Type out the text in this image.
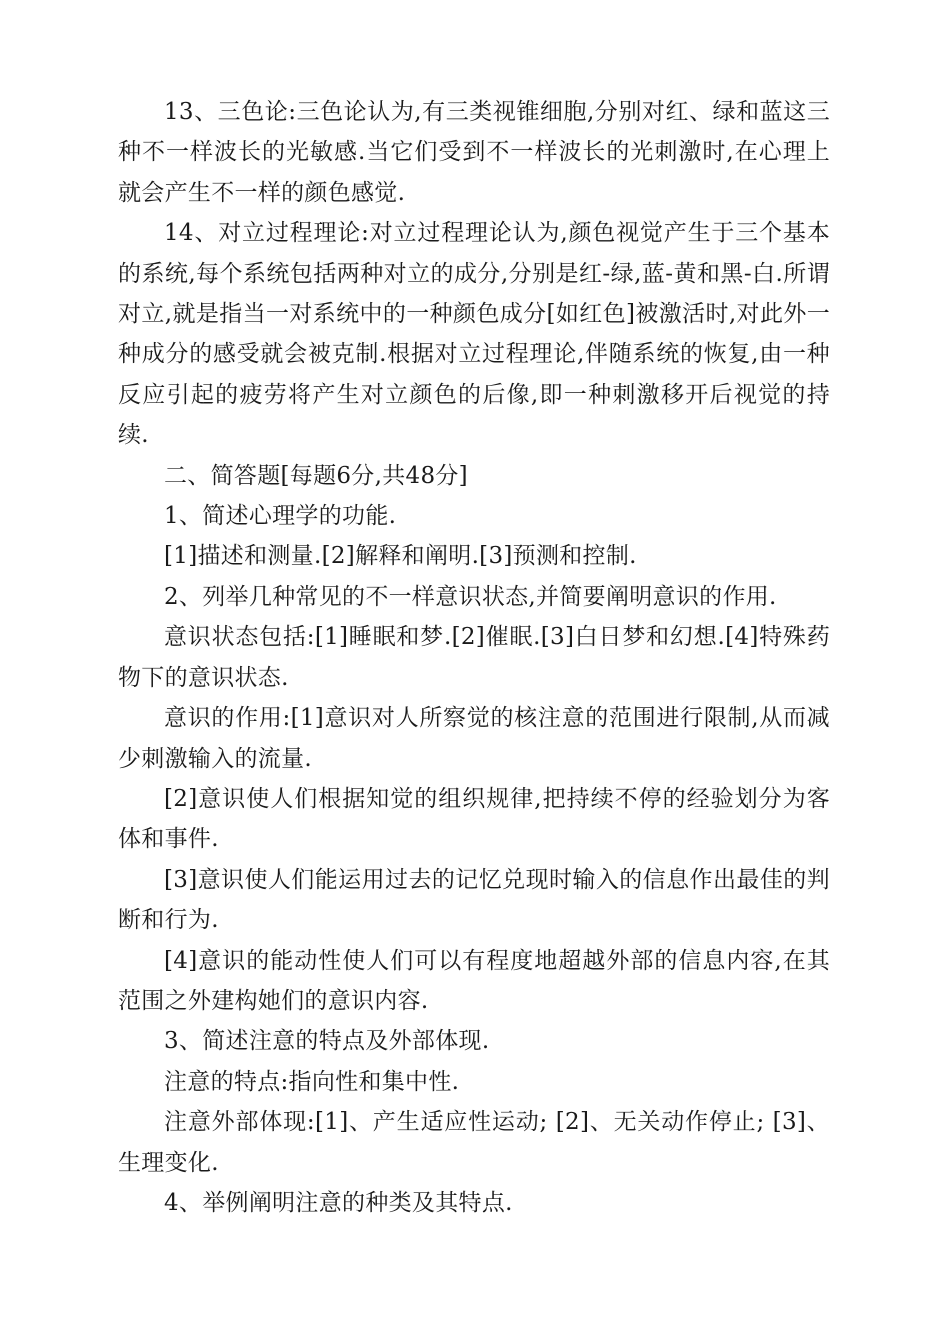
13、三色论:三色论认为,有三类视锥细胞,分别对红、绿和蓝这三种不一样波长的光敏感.当它们受到不一样波长的光刺激时,在心理上就会产生不一样的颜色感觉.

14、对立过程理论:对立过程理论认为,颜色视觉产生于三个基本的系统,每个系统包括两种对立的成分,分别是红-绿,蓝-黄和黑-白.所谓对立,就是指当一对系统中的一种颜色成分[如红色]被激活时,对此外一种成分的感受就会被克制.根据对立过程理论,伴随系统的恢复,由一种反应引起的疲劳将产生对立颜色的后像,即一种刺激移开后视觉的持续.

二、简答题[每题6分,共48分]

1、简述心理学的功能.

[1]描述和测量.[2]解释和阐明.[3]预测和控制.

2、列举几种常见的不一样意识状态,并简要阐明意识的作用.

意识状态包括:[1]睡眠和梦.[2]催眠.[3]白日梦和幻想.[4]特殊药物下的意识状态.

意识的作用:[1]意识对人所察觉的核注意的范围进行限制,从而减少刺激输入的流量.

[2]意识使人们根据知觉的组织规律,把持续不停的经验划分为客体和事件.

[3]意识使人们能运用过去的记忆兑现时输入的信息作出最佳的判断和行为.

[4]意识的能动性使人们可以有程度地超越外部的信息内容,在其范围之外建构她们的意识内容.

3、简述注意的特点及外部体现.

注意的特点:指向性和集中性.

注意外部体现:[1]、产生适应性运动; [2]、无关动作停止; [3]、生理变化.

4、举例阐明注意的种类及其特点.
